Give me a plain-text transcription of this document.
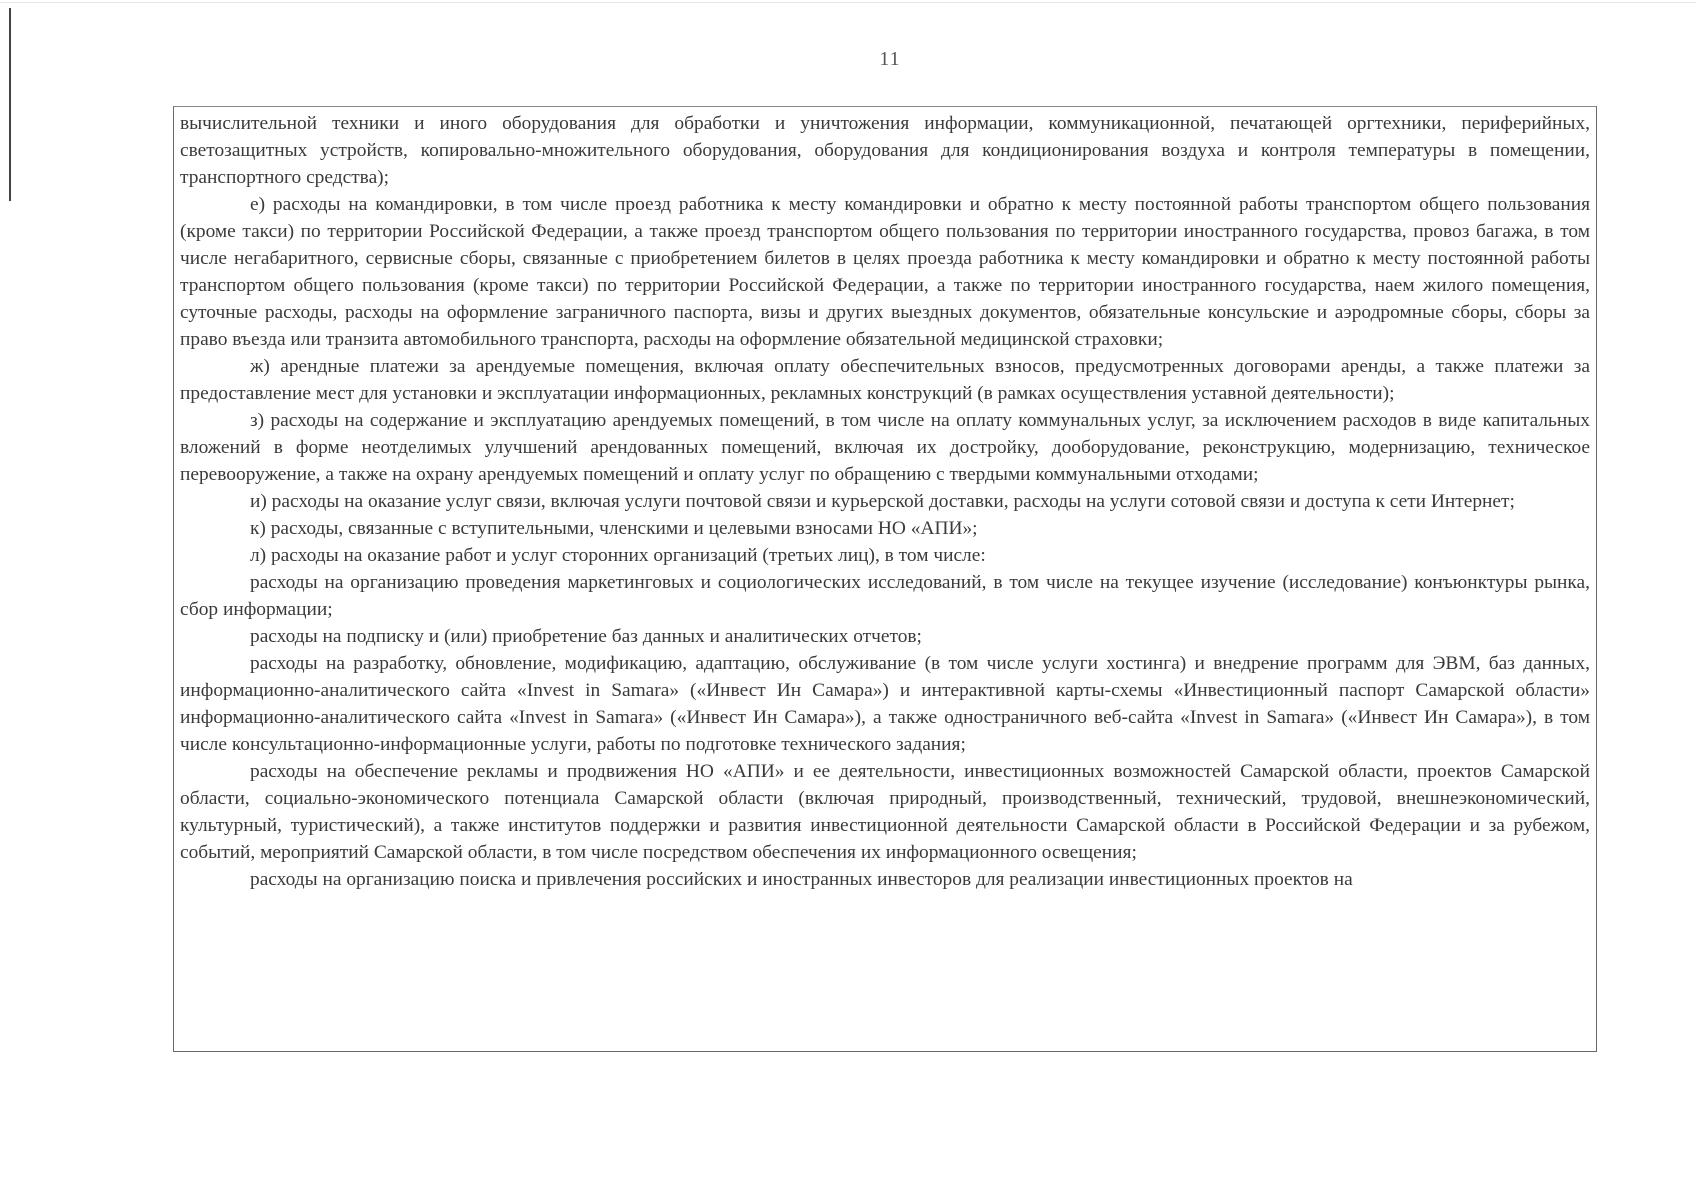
11

вычислительной техники и иного оборудования для обработки и уничтожения информации, коммуникационной, печатающей оргтехники, периферийных, светозащитных устройств, копировально-множительного оборудования, оборудования для кондиционирования воздуха и контроля температуры в помещении, транспортного средства);

е) расходы на командировки, в том числе проезд работника к месту командировки и обратно к месту постоянной работы транспортом общего пользования (кроме такси) по территории Российской Федерации, а также проезд транспортом общего пользования по территории иностранного государства, провоз багажа, в том числе негабаритного, сервисные сборы, связанные с приобретением билетов в целях проезда работника к месту командировки и обратно к месту постоянной работы транспортом общего пользования (кроме такси) по территории Российской Федерации, а также по территории иностранного государства, наем жилого помещения, суточные расходы, расходы на оформление заграничного паспорта, визы и других выездных документов, обязательные консульские и аэродромные сборы, сборы за право въезда или транзита автомобильного транспорта, расходы на оформление обязательной медицинской страховки;

ж) арендные платежи за арендуемые помещения, включая оплату обеспечительных взносов, предусмотренных договорами аренды, а также платежи за предоставление мест для установки и эксплуатации информационных, рекламных конструкций (в рамках осуществления уставной деятельности);

з) расходы на содержание и эксплуатацию арендуемых помещений, в том числе на оплату коммунальных услуг, за исключением расходов в виде капитальных вложений в форме неотделимых улучшений арендованных помещений, включая их достройку, дооборудование, реконструкцию, модернизацию, техническое перевооружение, а также на охрану арендуемых помещений и оплату услуг по обращению с твердыми коммунальными отходами;

и) расходы на оказание услуг связи, включая услуги почтовой связи и курьерской доставки, расходы на услуги сотовой связи и доступа к сети Интернет;

к) расходы, связанные с вступительными, членскими и целевыми взносами НО «АПИ»;

л) расходы на оказание работ и услуг сторонних организаций (третьих лиц), в том числе:

расходы на организацию проведения маркетинговых и социологических исследований, в том числе на текущее изучение (исследование) конъюнктуры рынка, сбор информации;

расходы на подписку и (или) приобретение баз данных и аналитических отчетов;

расходы на разработку, обновление, модификацию, адаптацию, обслуживание (в том числе услуги хостинга) и внедрение программ для ЭВМ, баз данных, информационно-аналитического сайта «Invest in Samara» («Инвест Ин Самара») и интерактивной карты-схемы «Инвестиционный паспорт Самарской области» информационно-аналитического сайта «Invest in Samara» («Инвест Ин Самара»), а также одностраничного веб-сайта «Invest in Samara» («Инвест Ин Самара»), в том числе консультационно-информационные услуги, работы по подготовке технического задания;

расходы на обеспечение рекламы и продвижения НО «АПИ» и ее деятельности, инвестиционных возможностей Самарской области, проектов Самарской области, социально-экономического потенциала Самарской области (включая природный, производственный, технический, трудовой, внешнеэкономический, культурный, туристический), а также институтов поддержки и развития инвестиционной деятельности Самарской области в Российской Федерации и за рубежом, событий, мероприятий Самарской области, в том числе посредством обеспечения их информационного освещения;

расходы на организацию поиска и привлечения российских и иностранных инвесторов для реализации инвестиционных проектов на
